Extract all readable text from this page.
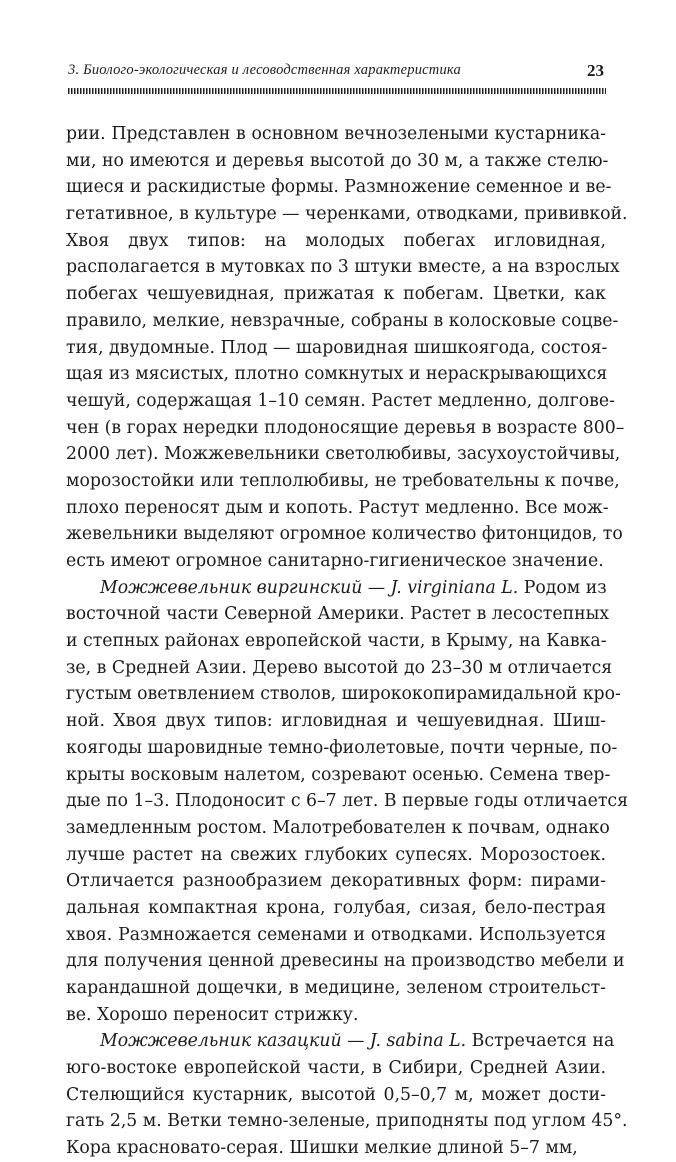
3. Биолого-экологическая и лесоводственная характеристика	23
рии. Представлен в основном вечнозелеными кустарника-
ми, но имеются и деревья высотой до 30 м, а также стелю-
щиеся и раскидистые формы. Размножение семенное и ве-
гетативное, в культуре — черенками, отводками, прививкой.
Хвоя двух типов: на молодых побегах игловидная,
располагается в мутовках по 3 штуки вместе, а на взрослых
побегах чешуевидная, прижатая к побегам. Цветки, как
правило, мелкие, невзрачные, собраны в колосковые соцве-
тия, двудомные. Плод — шаровидная шишкоягода, состоя-
щая из мясистых, плотно сомкнутых и нераскрывающихся
чешуй, содержащая 1–10 семян. Растет медленно, долгове-
чен (в горах нередки плодоносящие деревья в возрасте 800–
2000 лет). Можжевельники светолюбивы, засухоустойчивы,
морозостойки или теплолюбивы, не требовательны к почве,
плохо переносят дым и копоть. Растут медленно. Все мож-
жевельники выделяют огромное количество фитонцидов, то
есть имеют огромное санитарно-гигиеническое значение.
Можжевельник виргинский — J. virginiana L. Родом из
восточной части Северной Америки. Растет в лесостепных
и степных районах европейской части, в Крыму, на Кавка-
зе, в Средней Азии. Дерево высотой до 23–30 м отличается
густым оветвлением стволов, ширококопирамидальной кро-
ной. Хвоя двух типов: игловидная и чешуевидная. Шиш-
коягоды шаровидные темно-фиолетовые, почти черные, по-
крыты восковым налетом, созревают осенью. Семена твер-
дые по 1–3. Плодоносит с 6–7 лет. В первые годы отличается
замедленным ростом. Малотребователен к почвам, однако
лучше растет на свежих глубоких супесях. Морозостоек.
Отличается разнообразием декоративных форм: пирами-
дальная компактная крона, голубая, сизая, бело-пестрая
хвоя. Размножается семенами и отводками. Используется
для получения ценной древесины на производство мебели и
карандашной дощечки, в медицине, зеленом строительст-
ве. Хорошо переносит стрижку.
Можжевельник казацкий — J. sabina L. Встречается на
юго-востоке европейской части, в Сибири, Средней Азии.
Стелющийся кустарник, высотой 0,5–0,7 м, может дости-
гать 2,5 м. Ветки темно-зеленые, приподняты под углом 45°.
Кора красновато-серая. Шишки мелкие длиной 5–7 мм,
